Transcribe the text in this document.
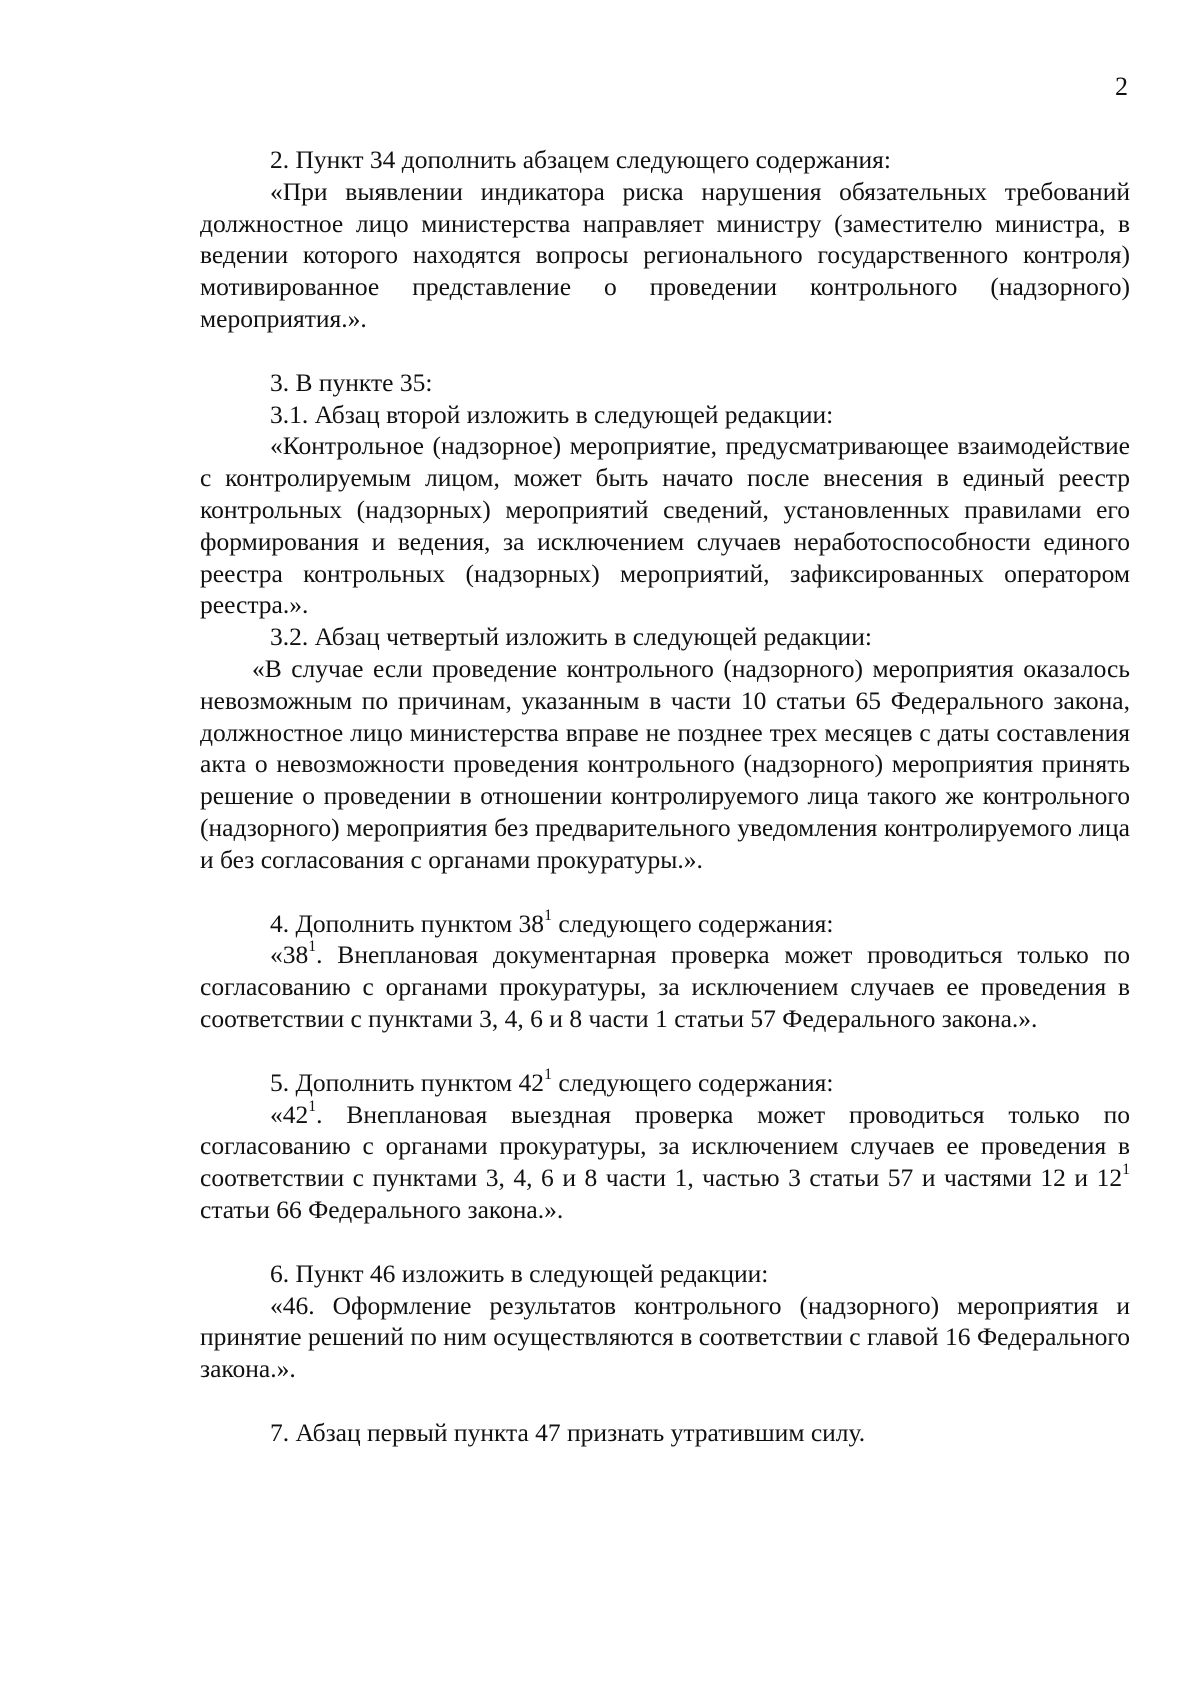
2

2. Пункт 34 дополнить абзацем следующего содержания:

«При выявлении индикатора риска нарушения обязательных требований должностное лицо министерства направляет министру (заместителю министра, в ведении которого находятся вопросы регионального государственного контроля) мотивированное представление о проведении контрольного (надзорного) мероприятия.».

3. В пункте 35:

3.1. Абзац второй изложить в следующей редакции:

«Контрольное (надзорное) мероприятие, предусматривающее взаимодействие с контролируемым лицом, может быть начато после внесения в единый реестр контрольных (надзорных) мероприятий сведений, установленных правилами его формирования и ведения, за исключением случаев неработоспособности единого реестра контрольных (надзорных) мероприятий, зафиксированных оператором реестра.».

3.2. Абзац четвертый изложить в следующей редакции:

«В случае если проведение контрольного (надзорного) мероприятия оказалось невозможным по причинам, указанным в части 10 статьи 65 Федерального закона, должностное лицо министерства вправе не позднее трех месяцев с даты составления акта о невозможности проведения контрольного (надзорного) мероприятия принять решение о проведении в отношении контролируемого лица такого же контрольного (надзорного) мероприятия без предварительного уведомления контролируемого лица и без согласования с органами прокуратуры.».

4. Дополнить пунктом $38^1$ следующего содержания:

«$38^1$. Внеплановая документарная проверка может проводиться только по согласованию с органами прокуратуры, за исключением случаев ее проведения в соответствии с пунктами 3, 4, 6 и 8 части 1 статьи 57 Федерального закона.».

5. Дополнить пунктом $42^1$ следующего содержания:

«$42^1$. Внеплановая выездная проверка может проводиться только по согласованию с органами прокуратуры, за исключением случаев ее проведения в соответствии с пунктами 3, 4, 6 и 8 части 1, частью 3 статьи 57 и частями 12 и $12^1$ статьи 66 Федерального закона.».

6. Пункт 46 изложить в следующей редакции:

«46. Оформление результатов контрольного (надзорного) мероприятия и принятие решений по ним осуществляются в соответствии с главой 16 Федерального закона.».

7. Абзац первый пункта 47 признать утратившим силу.
